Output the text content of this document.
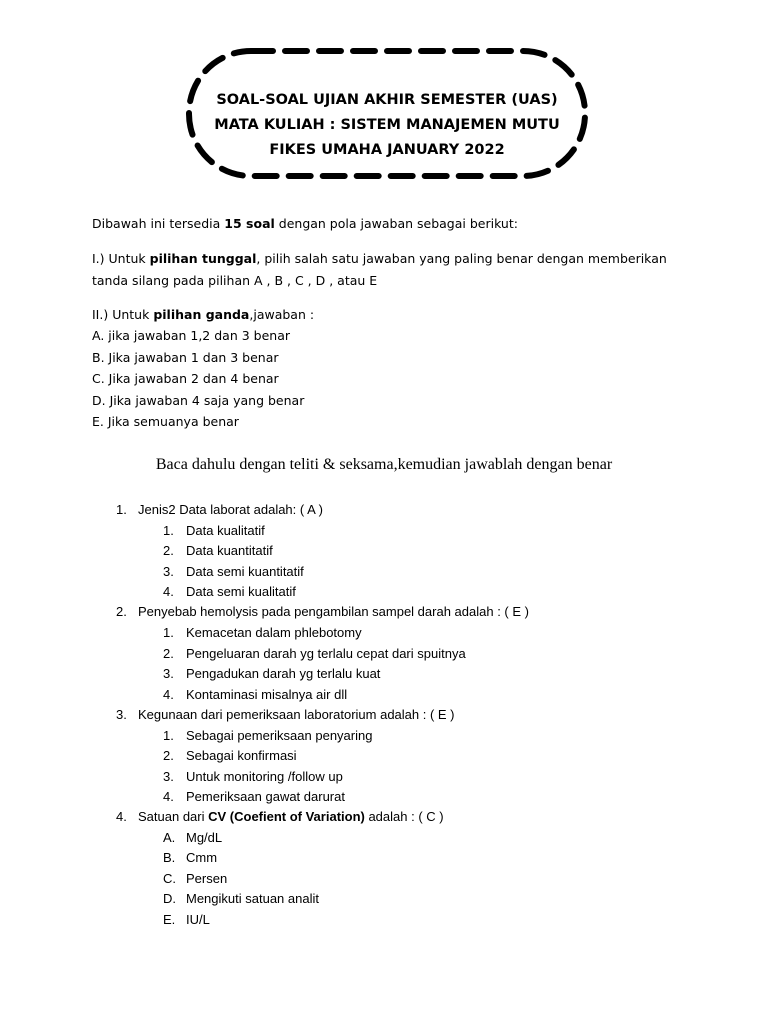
SOAL-SOAL UJIAN AKHIR SEMESTER (UAS)
MATA KULIAH : SISTEM MANAJEMEN MUTU
FIKES UMAHA JANUARY 2022
Dibawah ini tersedia 15 soal dengan pola jawaban sebagai berikut:
I.) Untuk pilihan tunggal, pilih salah satu jawaban yang paling benar dengan memberikan
tanda silang pada pilihan A , B , C , D , atau E
II.) Untuk pilihan ganda,jawaban :
A. jika jawaban 1,2 dan 3 benar
B. Jika jawaban 1 dan 3 benar
C. Jika jawaban 2 dan 4 benar
D. Jika jawaban 4 saja yang benar
E. Jika semuanya benar
Baca dahulu dengan teliti & seksama,kemudian jawablah dengan benar
1. Jenis2 Data laborat adalah: ( A )
1. Data kualitatif
2. Data kuantitatif
3. Data semi kuantitatif
4. Data semi kualitatif
2. Penyebab hemolysis pada pengambilan sampel darah adalah : ( E )
1. Kemacetan dalam phlebotomy
2. Pengeluaran darah yg terlalu cepat dari spuitnya
3. Pengadukan darah yg terlalu kuat
4. Kontaminasi misalnya air dll
3. Kegunaan dari pemeriksaan laboratorium adalah : ( E )
1. Sebagai pemeriksaan penyaring
2. Sebagai konfirmasi
3. Untuk monitoring /follow up
4. Pemeriksaan gawat darurat
4. Satuan dari CV (Coefient of Variation) adalah : ( C )
A. Mg/dL
B. Cmm
C. Persen
D. Mengikuti satuan analit
E. IU/L
